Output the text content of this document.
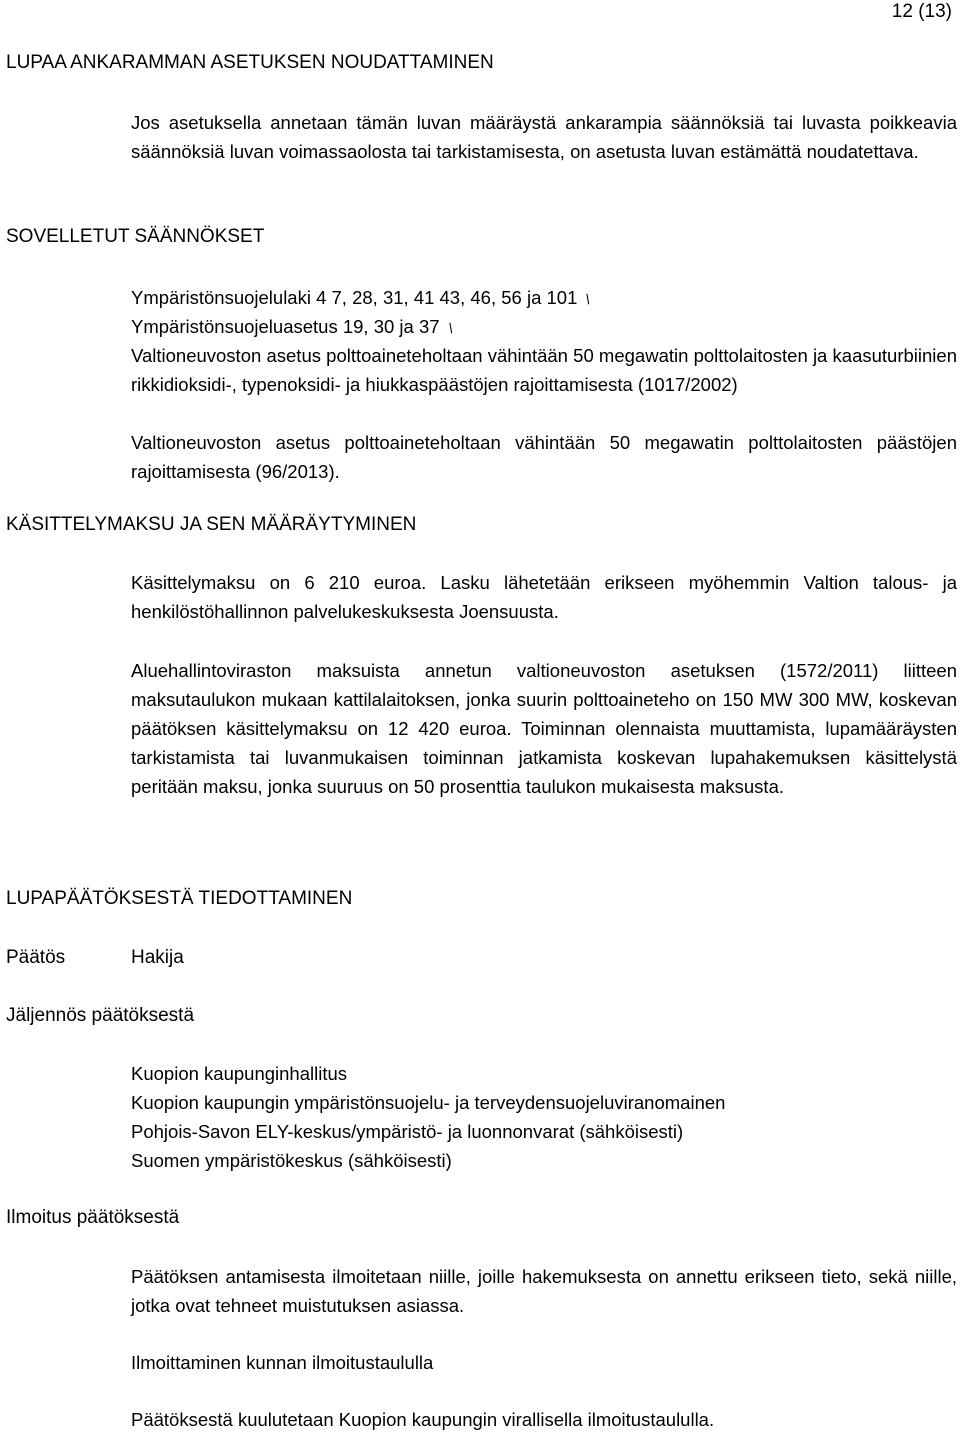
12 (13)
LUPAA ANKARAMMAN ASETUKSEN NOUDATTAMINEN
Jos asetuksella annetaan tämän luvan määräystä ankarampia säännöksiä tai luvasta poikkeavia säännöksiä luvan voimassaolosta tai tarkistamisesta, on asetusta luvan estämättä noudatettava.
SOVELLETUT SÄÄNNÖKSET
Ympäristönsuojelulaki 4 7, 28, 31, 41 43, 46, 56 ja 101 /
Ympäristönsuojeluasetus 19, 30 ja 37 /
Valtioneuvoston asetus polttoaineteholtaan vähintään 50 megawatin polttolaitosten ja kaasuturbiinien rikkidioksidi-, typenoksidi- ja hiukkaspäästöjen rajoittamisesta (1017/2002)
Valtioneuvoston asetus polttoaineteholtaan vähintään 50 megawatin polttolaitosten päästöjen rajoittamisesta (96/2013).
KÄSITTELYMAKSU JA SEN MÄÄRÄYTYMINEN
Käsittelymaksu on 6 210 euroa. Lasku lähetetään erikseen myöhemmin Valtion talous- ja henkilöstöhallinnon palvelukeskuksesta Joensuusta.
Aluehallintoviraston maksuista annetun valtioneuvoston asetuksen (1572/2011) liitteen maksutaulukon mukaan kattilalaitoksen, jonka suurin polttoaineteho on 150 MW 300 MW, koskevan päätöksen käsittelymaksu on 12 420 euroa. Toiminnan olennaista muuttamista, lupamääräysten tarkistamista tai luvanmukaisen toiminnan jatkamista koskevan lupahakemuksen käsittelystä peritään maksu, jonka suuruus on 50 prosenttia taulukon mukaisesta maksusta.
LUPAPÄÄTÖKSESTÄ TIEDOTTAMINEN
Päätös	Hakija
Jäljennös päätöksestä
Kuopion kaupunginhallitus
Kuopion kaupungin ympäristönsuojelu- ja terveydensuojeluviranomainen
Pohjois-Savon ELY-keskus/ympäristö- ja luonnonvarat (sähköisesti)
Suomen ympäristökeskus (sähköisesti)
Ilmoitus päätöksestä
Päätöksen antamisesta ilmoitetaan niille, joille hakemuksesta on annettu erikseen tieto, sekä niille, jotka ovat tehneet muistutuksen asiassa.
Ilmoittaminen kunnan ilmoitustaululla
Päätöksestä kuulutetaan Kuopion kaupungin virallisella ilmoitustaululla.
